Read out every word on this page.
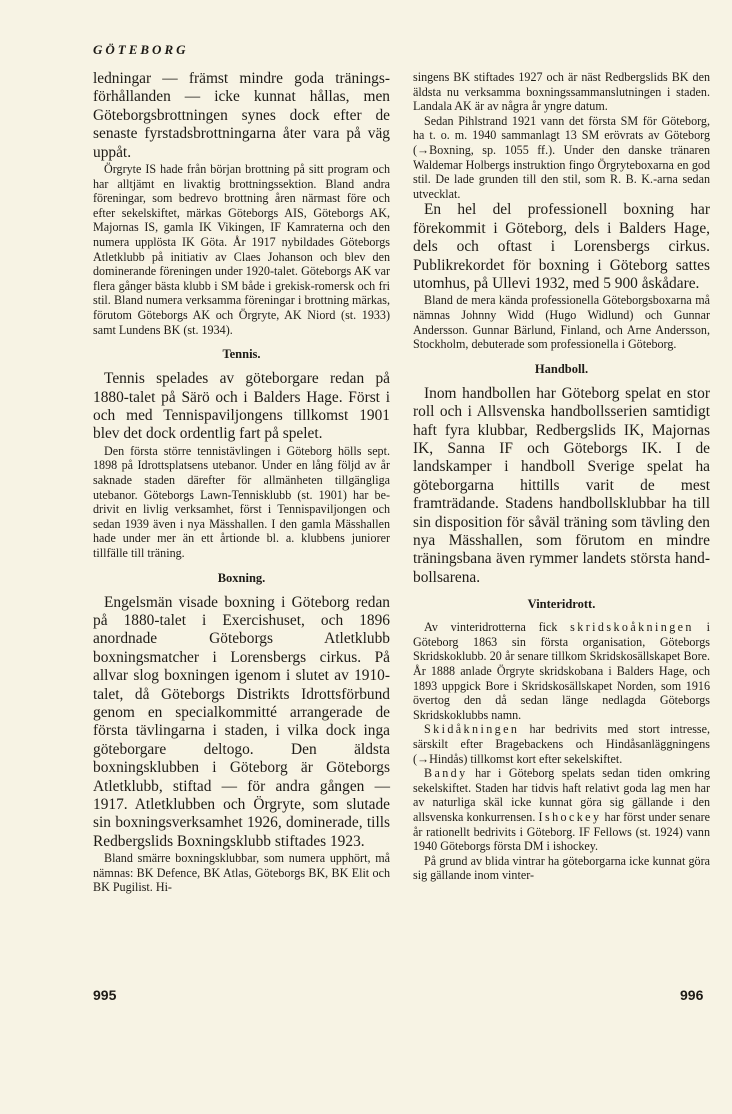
GÖTEBORG

ledningar — främst mindre goda träningsförhållanden — icke kunnat hållas, men Göteborgsbrottningen synes dock efter de senaste fyrstadsbrottningarna åter vara på väg uppåt.

Örgryte IS hade från början brottning på sitt program och har alltjämt en livaktig brottningssektion. Bland andra föreningar, som bedrevo brottning åren närmast före och efter sekelskiftet, märkas Göteborgs AIS, Göteborgs AK, Majornas IS, gamla IK Vikingen, IF Kamraterna och den numera upplösta IK Göta. År 1917 nybildades Göteborgs Atletklubb på initiativ av Claes Johanson och blev den dominerande föreningen under 1920-talet. Göteborgs AK var flera gånger bästa klubb i SM både i grekisk-romersk och fri stil. Bland numera verksamma föreningar i brottning märkas, förutom Göteborgs AK och Örgryte, AK Niord (st. 1933) samt Lundens BK (st. 1934).

Tennis.

Tennis spelades av göteborgare redan på 1880-talet på Särö och i Balders Hage. Först i och med Tennispaviljongens tillkomst 1901 blev det dock ordentlig fart på spelet.

Den första större tennistävlingen i Göteborg hölls sept. 1898 på Idrottsplatsens utebanor. Under en lång följd av år saknade staden därefter för allmänheten tillgängliga utebanor. Göteborgs Lawn-Tennisklubb (st. 1901) har bedrivit en livlig verksamhet, först i Tennispaviljongen och sedan 1939 även i nya Mässhallen. I den gamla Mässhallen hade under mer än ett årtionde bl. a. klubbens juniorer tillfälle till träning.

Boxning.

Engelsmän visade boxning i Göteborg redan på 1880-talet i Exercishuset, och 1896 anordnade Göteborgs Atletklubb boxningsmatcher i Lorensbergs cirkus. På allvar slog boxningen igenom i slutet av 1910-talet, då Göteborgs Distrikts Idrottsförbund genom en specialkommitté arrangerade de första tävlingarna i staden, i vilka dock inga göteborgare deltogo. Den äldsta boxningsklubben i Göteborg är Göteborgs Atletklubb, stiftad — för andra gången — 1917. Atletklubben och Örgryte, som slutade sin boxningsverksamhet 1926, dominerade, tills Redbergslids Boxningsklubb stiftades 1923.

Bland smärre boxningsklubbar, som numera upphört, må nämnas: BK Defence, BK Atlas, Göteborgs BK, BK Elit och BK Pugilist. Hi-

singens BK stiftades 1927 och är näst Redbergslids BK den äldsta nu verksamma boxningssammanslutningen i staden. Landala AK är av några år yngre datum.

Sedan Pihlstrand 1921 vann det första SM för Göteborg, ha t. o. m. 1940 sammanlagt 13 SM erövrats av Göteborg (→Boxning, sp. 1055 ff.). Under den danske tränaren Waldemar Holbergs instruktion fingo Örgryteboxarna en god stil. De lade grunden till den stil, som R. B. K.-arna sedan utvecklat.

En hel del professionell boxning har förekommit i Göteborg, dels i Balders Hage, dels och oftast i Lorensbergs cirkus. Publikrekordet för boxning i Göteborg sattes utomhus, på Ullevi 1932, med 5 900 åskådare.

Bland de mera kända professionella Göteborgsboxarna må nämnas Johnny Widd (Hugo Widlund) och Gunnar Andersson. Gunnar Bärlund, Finland, och Arne Andersson, Stockholm, debuterade som professionella i Göteborg.

Handboll.

Inom handbollen har Göteborg spelat en stor roll och i Allsvenska handbollsserien samtidigt haft fyra klubbar, Redbergslids IK, Majornas IK, Sanna IF och Göteborgs IK. I de landskamper i handboll Sverige spelat ha göteborgarna hittills varit de mest framträdande. Stadens handbollsklubbar ha till sin disposition för såväl träning som tävling den nya Mässhallen, som förutom en mindre träningsbana även rymmer landets största handbollsarena.

Vinteridrott.

Av vinteridrotterna fick skridskoåkningen i Göteborg 1863 sin första organisation, Göteborgs Skridskoklubb. 20 år senare tillkom Skridskosällskapet Bore. År 1888 anlade Örgryte skridskobana i Balders Hage, och 1893 uppgick Bore i Skridskosällskapet Norden, som 1916 övertog den då sedan länge nedlagda Göteborgs Skridskoklubbs namn.

Skidåkningen har bedrivits med stort intresse, särskilt efter Bragebackens och Hindåsanläggningens (→Hindås) tillkomst kort efter sekelskiftet.

Bandy har i Göteborg spelats sedan tiden omkring sekelskiftet. Staden har tidvis haft relativt goda lag men har av naturliga skäl icke kunnat göra sig gällande i den allsvenska konkurrensen. Ishockey har först under senare år rationellt bedrivits i Göteborg. IF Fellows (st. 1924) vann 1940 Göteborgs första DM i ishockey.

På grund av blida vintrar ha göteborgarna icke kunnat göra sig gällande inom vinter-

995	996
